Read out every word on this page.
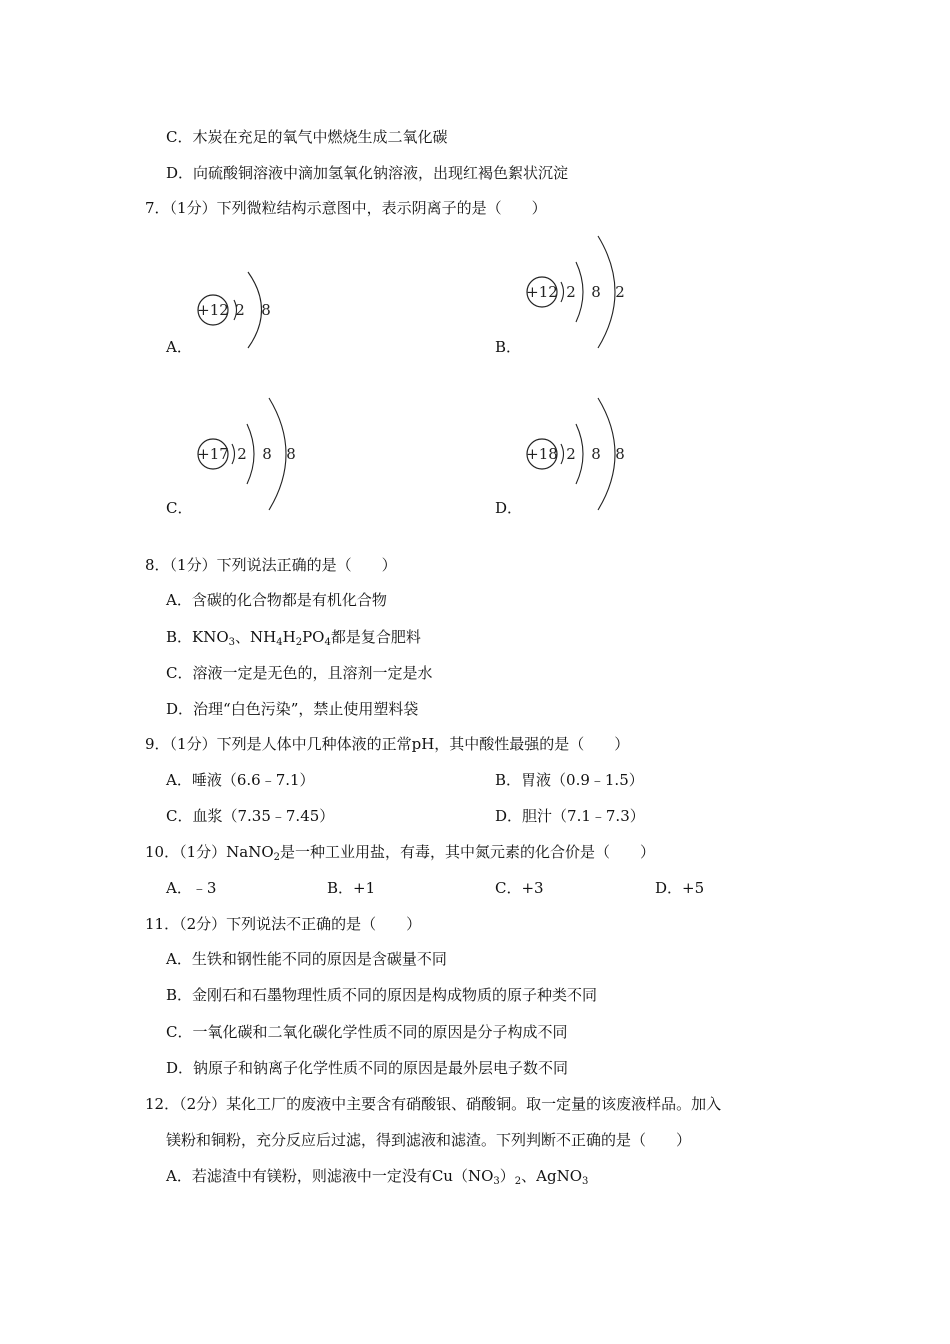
C．木炭在充足的氧气中燃烧生成二氧化碳
D．向硫酸铜溶液中滴加氢氧化钠溶液，出现红褐色絮状沉淀
7．（1分）下列微粒结构示意图中，表示阴离子的是（　　）
A．
+12 2 8
B．
+12 2 8 2
C．
+17 2 8 8
D．
+18 2 8 8
8．（1分）下列说法正确的是（　　）
A．含碳的化合物都是有机化合物
B．$KNO_3$、$NH_4H_2PO_4$都是复合肥料
C．溶液一定是无色的，且溶剂一定是水
D．治理“白色污染”，禁止使用塑料袋
9．（1分）下列是人体中几种体液的正常pH，其中酸性最强的是（　　）
A．唾液（6.6﹣7.1）	B．胃液（0.9﹣1.5）
C．血浆（7.35﹣7.45）	D．胆汁（7.1﹣7.3）
10．（1分）NaNO$_2$是一种工业用盐，有毒，其中氮元素的化合价是（　　）
A．﹣3	B．+1	C．+3	D．+5
11．（2分）下列说法不正确的是（　　）
A．生铁和钢性能不同的原因是含碳量不同
B．金刚石和石墨物理性质不同的原因是构成物质的原子种类不同
C．一氧化碳和二氧化碳化学性质不同的原因是分子构成不同
D．钠原子和钠离子化学性质不同的原因是最外层电子数不同
12．（2分）某化工厂的废液中主要含有硝酸银、硝酸铜。取一定量的该废液样品。加入
镁粉和铜粉，充分反应后过滤，得到滤液和滤渣。下列判断不正确的是（　　）
A．若滤渣中有镁粉，则滤液中一定没有$Cu(NO_3)_2$、AgNO$_3$
